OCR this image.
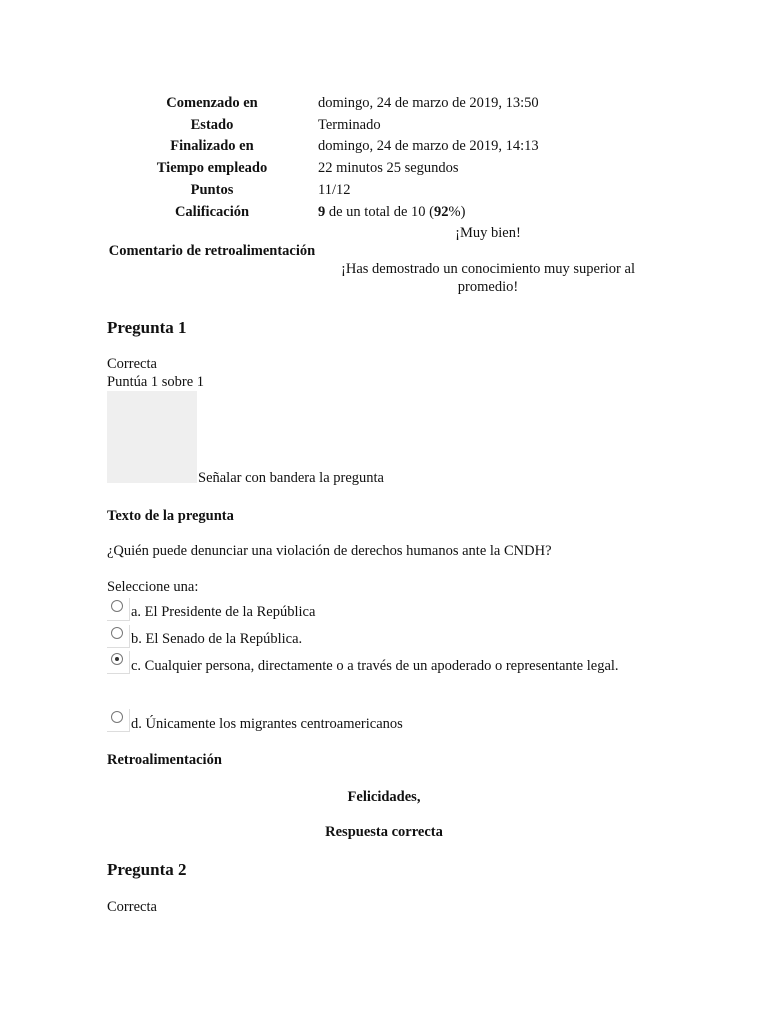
Comenzado en	domingo, 24 de marzo de 2019, 13:50
Estado	Terminado
Finalizado en	domingo, 24 de marzo de 2019, 14:13
Tiempo empleado	22 minutos 25 segundos
Puntos	11/12
Calificación	9 de un total de 10 (92%)
Comentario de retroalimentación
¡Muy bien!
¡Has demostrado un conocimiento muy superior al promedio!
Pregunta 1
Correcta
Puntúa 1 sobre 1
Señalar con bandera la pregunta
Texto de la pregunta
¿Quién puede denunciar una violación de derechos humanos ante la CNDH?
Seleccione una:
a. El Presidente de la República
b. El Senado de la República.
c. Cualquier persona, directamente o a través de un apoderado o representante legal.
d. Únicamente los migrantes centroamericanos
Retroalimentación
Felicidades,
Respuesta correcta
Pregunta 2
Correcta
